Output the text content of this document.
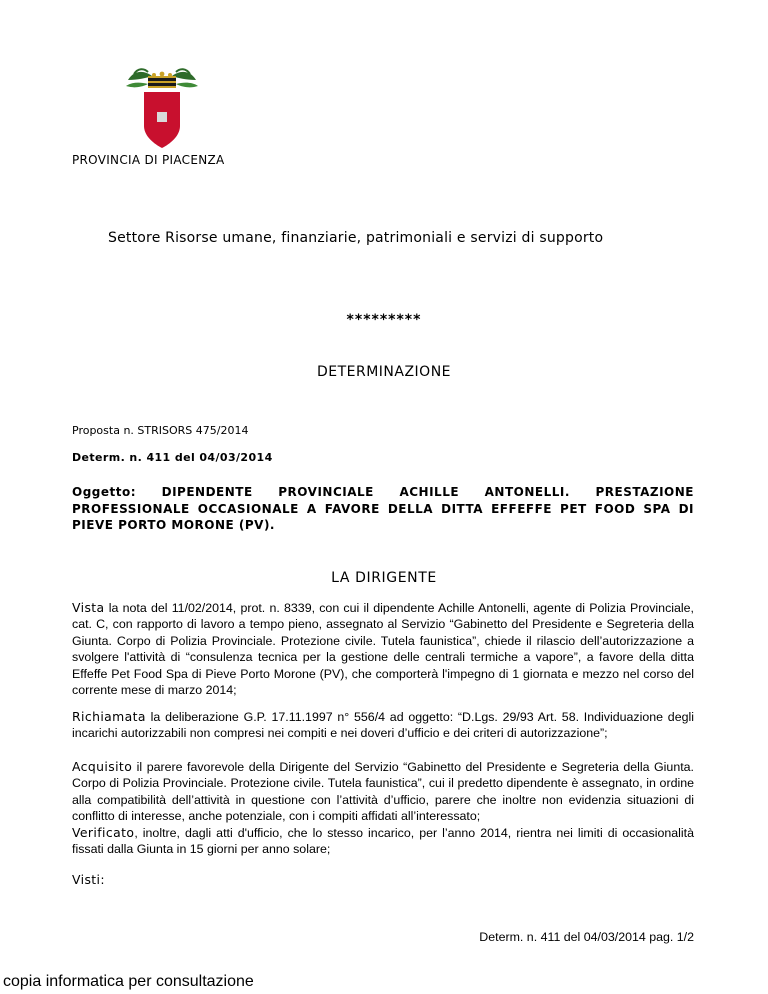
PROVINCIA DI PIACENZA
Settore Risorse umane, finanziarie, patrimoniali e servizi di supporto
*********
DETERMINAZIONE
Proposta n. STRISORS 475/2014
Determ. n. 411 del 04/03/2014
Oggetto: DIPENDENTE PROVINCIALE ACHILLE ANTONELLI. PRESTAZIONE PROFESSIONALE OCCASIONALE A FAVORE DELLA DITTA EFFEFFE PET FOOD SPA DI PIEVE PORTO MORONE (PV).
LA DIRIGENTE
Vista la nota del 11/02/2014, prot. n. 8339, con cui il dipendente Achille Antonelli, agente di Polizia Provinciale, cat. C, con rapporto di lavoro a tempo pieno, assegnato al Servizio “Gabinetto del Presidente e Segreteria della Giunta. Corpo di Polizia Provinciale. Protezione civile. Tutela faunistica”, chiede il rilascio dell’autorizzazione a svolgere l'attività di “consulenza tecnica per la gestione delle centrali termiche a vapore”, a favore della ditta Effeffe Pet Food Spa di Pieve Porto Morone (PV), che comporterà l'impegno di 1 giornata e mezzo nel corso del corrente mese di marzo 2014;
Richiamata la deliberazione G.P. 17.11.1997 n° 556/4 ad oggetto: “D.Lgs. 29/93 Art. 58. Individuazione degli incarichi autorizzabili non compresi nei compiti e nei doveri d’ufficio e dei criteri di autorizzazione”;
Acquisito il parere favorevole della Dirigente del Servizio “Gabinetto del Presidente e Segreteria della Giunta. Corpo di Polizia Provinciale. Protezione civile. Tutela faunistica”, cui il predetto dipendente è assegnato, in ordine alla compatibilità dell’attività in questione con l’attività d’ufficio, parere che inoltre non evidenzia situazioni di conflitto di interesse, anche potenziale, con i compiti affidati all’interessato;
Verificato, inoltre, dagli atti d'ufficio, che lo stesso incarico, per l’anno 2014, rientra nei limiti di occasionalità fissati dalla Giunta in 15 giorni per anno solare;
Visti:
Determ. n. 411 del 04/03/2014 pag. 1/2
copia informatica per consultazione
